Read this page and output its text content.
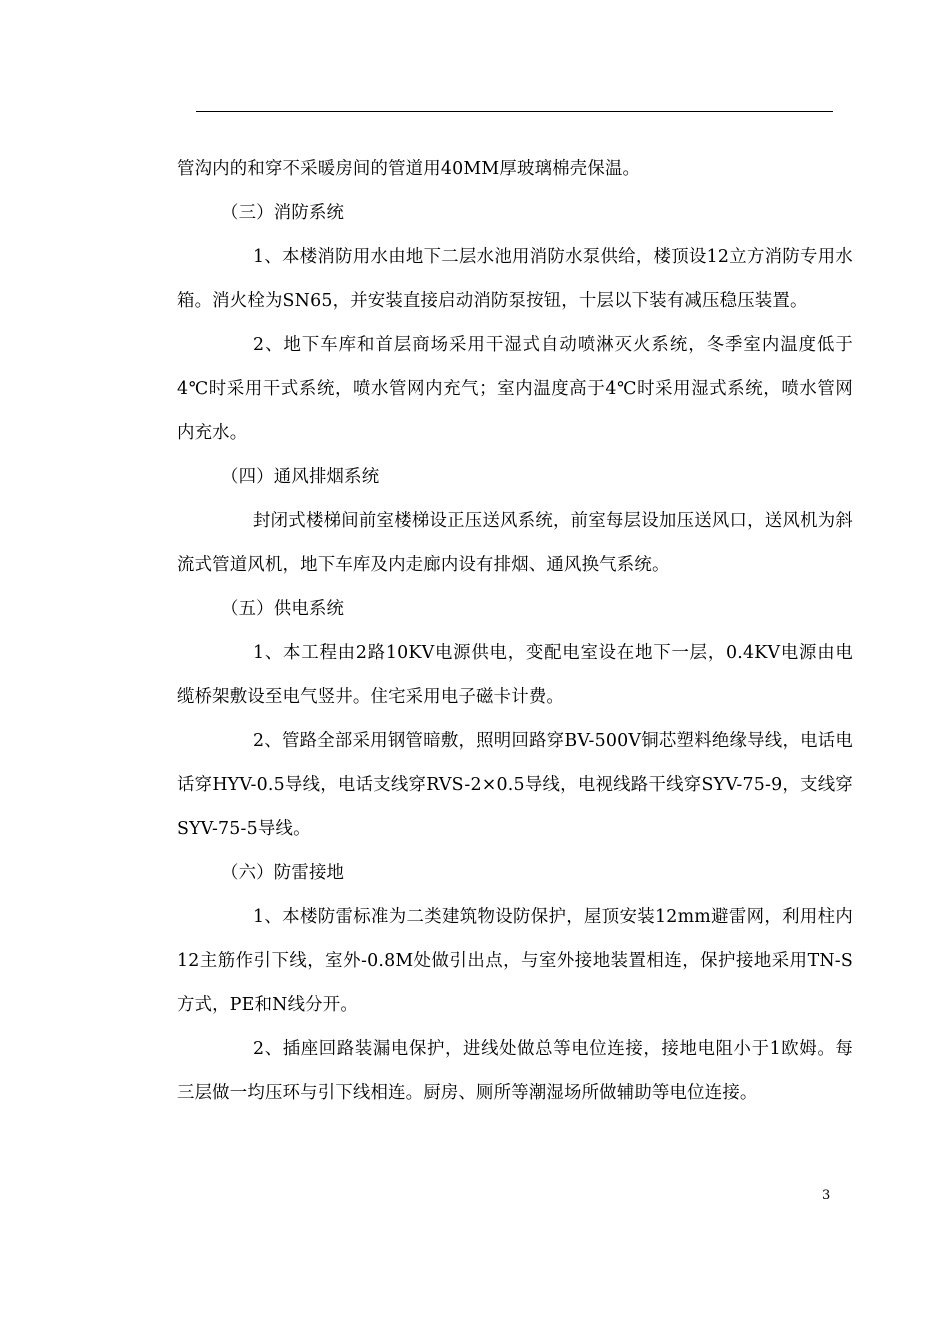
管沟内的和穿不采暖房间的管道用40MM厚玻璃棉壳保温。

（三）消防系统

1、本楼消防用水由地下二层水池用消防水泵供给，楼顶设12立方消防专用水箱。消火栓为SN65，并安装直接启动消防泵按钮，十层以下装有减压稳压装置。

2、地下车库和首层商场采用干湿式自动喷淋灭火系统，冬季室内温度低于4℃时采用干式系统，喷水管网内充气；室内温度高于4℃时采用湿式系统，喷水管网内充水。

（四）通风排烟系统

封闭式楼梯间前室楼梯设正压送风系统，前室每层设加压送风口，送风机为斜流式管道风机，地下车库及内走廊内设有排烟、通风换气系统。

（五）供电系统

1、本工程由2路10KV电源供电，变配电室设在地下一层，0.4KV电源由电缆桥架敷设至电气竖井。住宅采用电子磁卡计费。

2、管路全部采用钢管暗敷，照明回路穿BV-500V铜芯塑料绝缘导线，电话电话穿HYV-0.5导线，电话支线穿RVS-2×0.5导线，电视线路干线穿SYV-75-9，支线穿SYV-75-5导线。

（六）防雷接地

1、本楼防雷标准为二类建筑物设防保护，屋顶安装12mm避雷网，利用柱内12主筋作引下线，室外-0.8M处做引出点，与室外接地装置相连，保护接地采用TN-S方式，PE和N线分开。

2、插座回路装漏电保护，进线处做总等电位连接，接地电阻小于1欧姆。每三层做一均压环与引下线相连。厨房、厕所等潮湿场所做辅助等电位连接。

3
